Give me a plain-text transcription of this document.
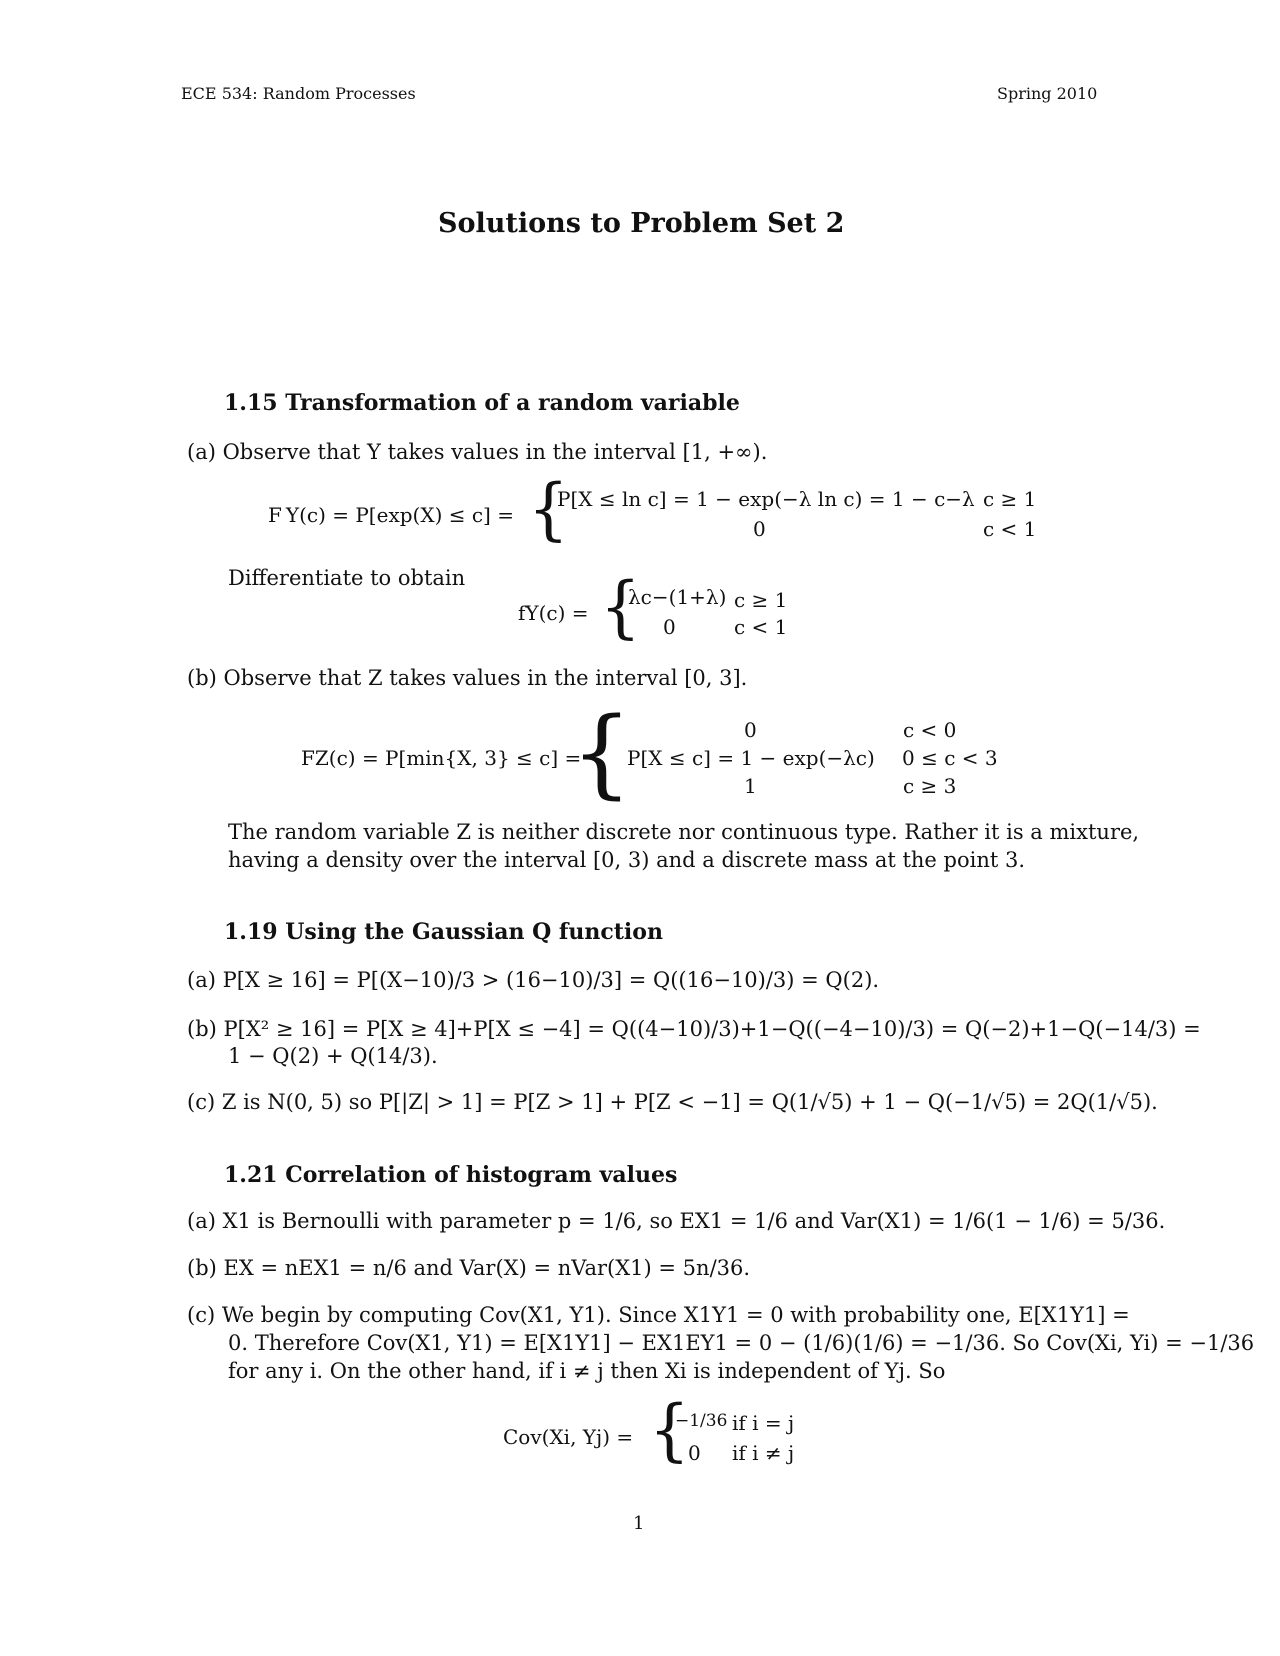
ECE 534: Random Processes	Spring 2010
Solutions to Problem Set 2
1.15 Transformation of a random variable
(a) Observe that Y takes values in the interval [1, +∞).
F Y(c) = P[exp(X) ≤ c] = {
P[X ≤ ln c] = 1 − exp(−λ ln c) = 1 − c−λ c ≥ 1
0	c < 1
Differentiate to obtain
fY(c) = {
λc−(1+λ) c ≥ 1
0	c < 1
(b) Observe that Z takes values in the interval [0, 3].
FZ(c) = P[min{X, 3} ≤ c] =
{	0	c < 0
P[X ≤ c] = 1 − exp(−λc) 0 ≤ c < 3
1	c ≥ 3
The random variable Z is neither discrete nor continuous type. Rather it is a mixture,
having a density over the interval [0, 3) and a discrete mass at the point 3.
1.19 Using the Gaussian Q function
(a) P[X ≥ 16] = P[(X−10)/3 > (16−10)/3] = Q((16−10)/3) = Q(2).
(b) P[X² ≥ 16] = P[X ≥ 4]+P[X ≤ −4] = Q((4−10)/3)+1−Q((−4−10)/3) = Q(−2)+1−Q(−14/3) =
1 − Q(2) + Q(14/3).
(c) Z is N(0, 5) so P[|Z| > 1] = P[Z > 1] + P[Z < −1] = Q(1/√5) + 1 − Q(−1/√5) = 2Q(1/√5).
1.21 Correlation of histogram values
(a) X1 is Bernoulli with parameter p = 1/6, so EX1 = 1/6 and Var(X1) = 1/6(1 − 1/6) = 5/36.
(b) EX = nEX1 = n/6 and Var(X) = nVar(X1) = 5n/36.
(c) We begin by computing Cov(X1, Y1). Since X1Y1 = 0 with probability one, E[X1Y1] =
0. Therefore Cov(X1, Y1) = E[X1Y1] − EX1EY1 = 0 − (1/6)(1/6) = −1/36. So Cov(Xi, Yi) = −1/36
for any i. On the other hand, if i ≠ j then Xi is independent of Yj. So
Cov(Xi, Yj) = {
−1/36 if i = j
0 if i ≠ j
1
